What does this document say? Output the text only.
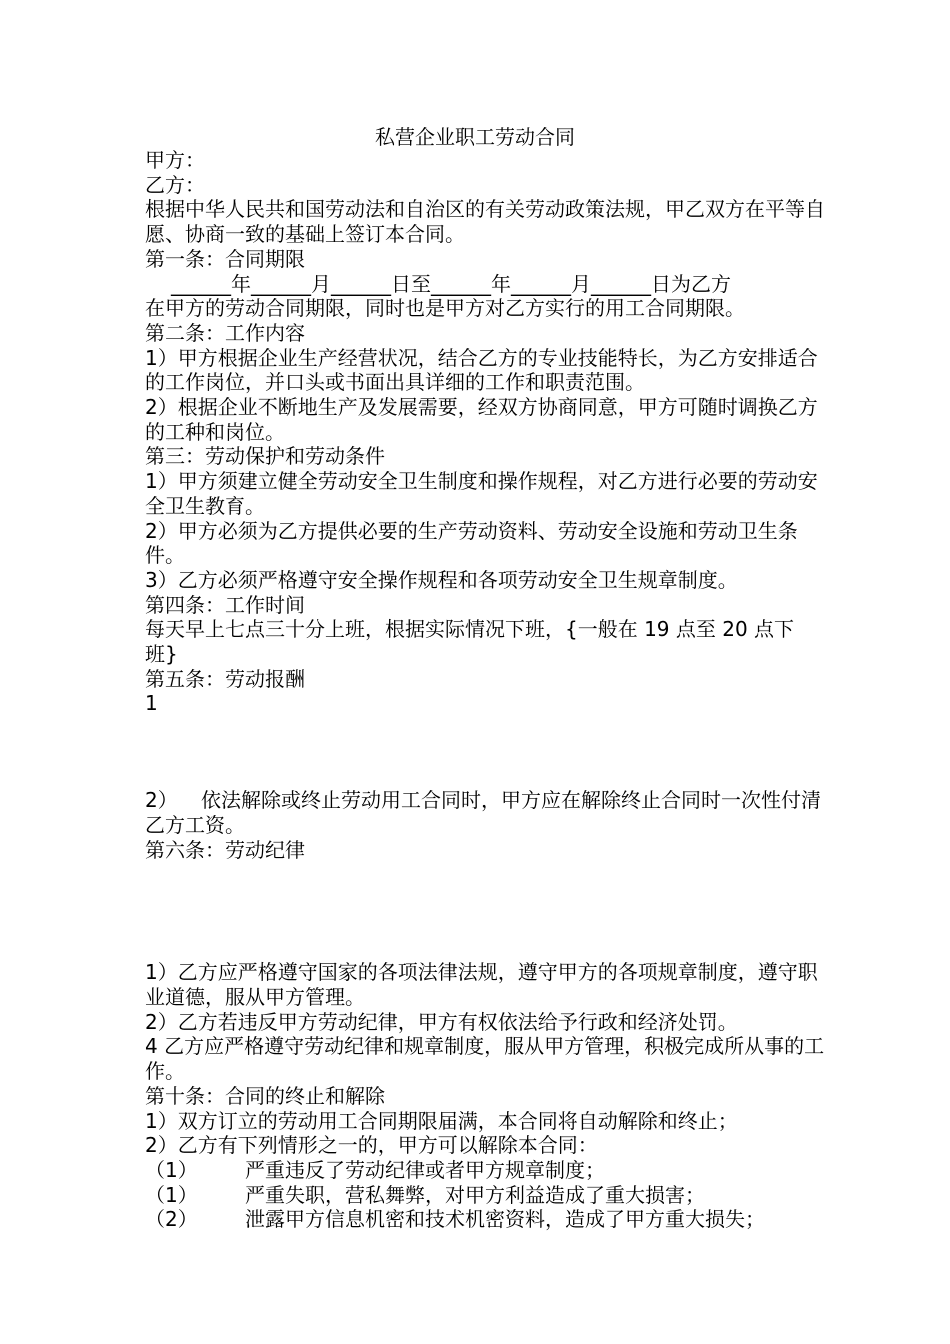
私营企业职工劳动合同
甲方：
乙方：
根据中华人民共和国劳动法和自治区的有关劳动政策法规，甲乙双方在平等自愿、协商一致的基础上签订本合同。
第一条：合同期限
______年______月______日至______年______月______日为乙方
在甲方的劳动合同期限，同时也是甲方对乙方实行的用工合同期限。
第二条：工作内容
1）甲方根据企业生产经营状况，结合乙方的专业技能特长，为乙方安排适合的工作岗位，并口头或书面出具详细的工作和职责范围。
2）根据企业不断地生产及发展需要，经双方协商同意，甲方可随时调换乙方的工种和岗位。
第三：劳动保护和劳动条件
1）甲方须建立健全劳动安全卫生制度和操作规程，对乙方进行必要的劳动安全卫生教育。
2）甲方必须为乙方提供必要的生产劳动资料、劳动安全设施和劳动卫生条件。
3）乙方必须严格遵守安全操作规程和各项劳动安全卫生规章制度。
第四条：工作时间
每天早上七点三十分上班，根据实际情况下班，{一般在 19 点至 20 点下班}
第五条：劳动报酬
1
2） 依法解除或终止劳动用工合同时，甲方应在解除终止合同时一次性付清乙方工资。
第六条：劳动纪律
1）乙方应严格遵守国家的各项法律法规，遵守甲方的各项规章制度，遵守职业道德，服从甲方管理。
2）乙方若违反甲方劳动纪律，甲方有权依法给予行政和经济处罚。
4 乙方应严格遵守劳动纪律和规章制度，服从甲方管理，积极完成所从事的工作。
第十条：合同的终止和解除
1）双方订立的劳动用工合同期限届满，本合同将自动解除和终止；
2）乙方有下列情形之一的，甲方可以解除本合同：
（1）	严重违反了劳动纪律或者甲方规章制度；
（1）	严重失职，营私舞弊，对甲方利益造成了重大损害；
（2）	泄露甲方信息机密和技术机密资料，造成了甲方重大损失；
